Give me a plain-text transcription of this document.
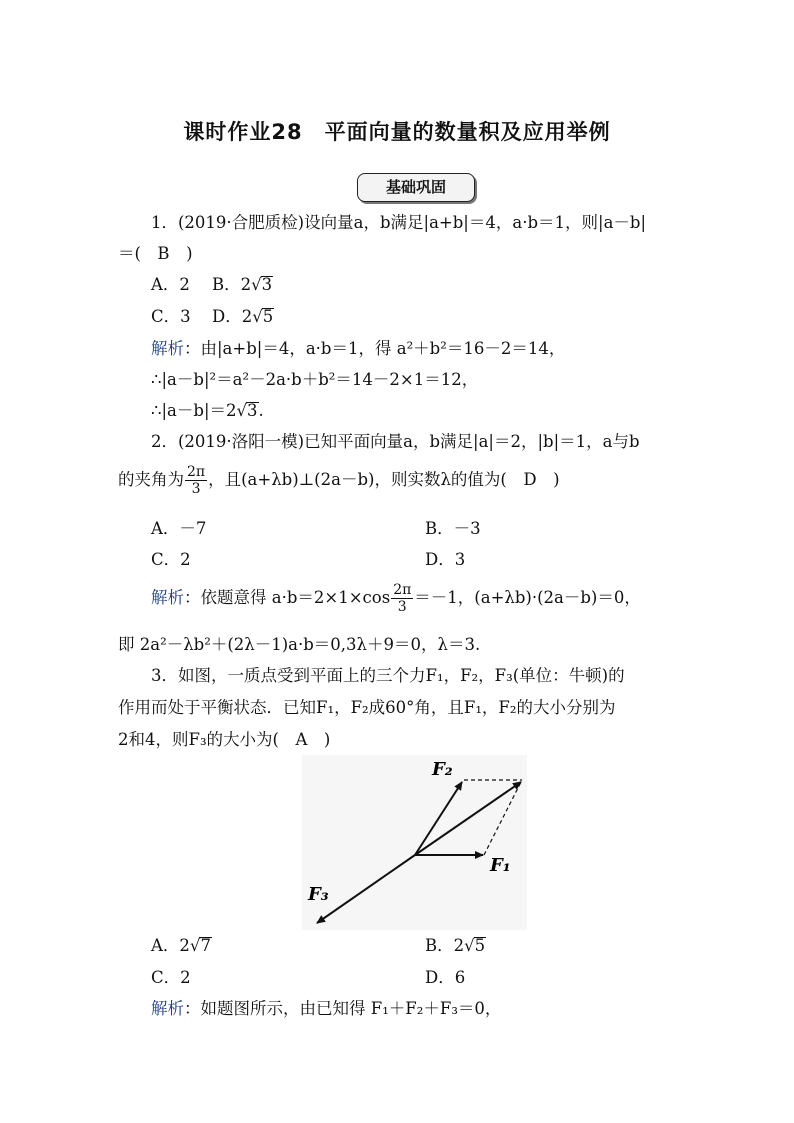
课时作业28　平面向量的数量积及应用举例
基础巩固
1．(2019·合肥质检)设向量a，b满足|a+b|＝4，a·b＝1，则|a－b|
＝(　B　)
A．2 B．2√3
C．3 D．2√5
解析：由|a+b|＝4，a·b＝1，得 a²＋b²＝16－2＝14，
∴|a－b|²＝a²－2a·b＋b²＝14－2×1＝12，
∴|a－b|＝2√3.
2．(2019·洛阳一模)已知平面向量a，b满足|a|＝2，|b|＝1，a与b
的夹角为 $\frac{2\pi}{3}$ ，且(a+λb)⊥(2a－b)，则实数λ的值为(　D　)
A．－7	B．－3
C．2	D．3
解析：依题意得 $a\cdot b=2\times 1\times\cos \frac{2\pi}{3} =-1$，(a+λb)·(2a－b)＝0，
即 2a²－λb²＋(2λ－1)a·b＝0,3λ＋9＝0，λ＝3.
3．如图，一质点受到平面上的三个力F₁，F₂，F₃(单位：牛顿)的
作用而处于平衡状态．已知F₁，F₂成60°角，且F₁，F₂的大小分别为
2和4，则F₃的大小为(　A　)
F₂
F₁
F₃
A．2√7	B．2√5
C．2	D．6
解析：如题图所示，由已知得 F₁＋F₂＋F₃＝0，
